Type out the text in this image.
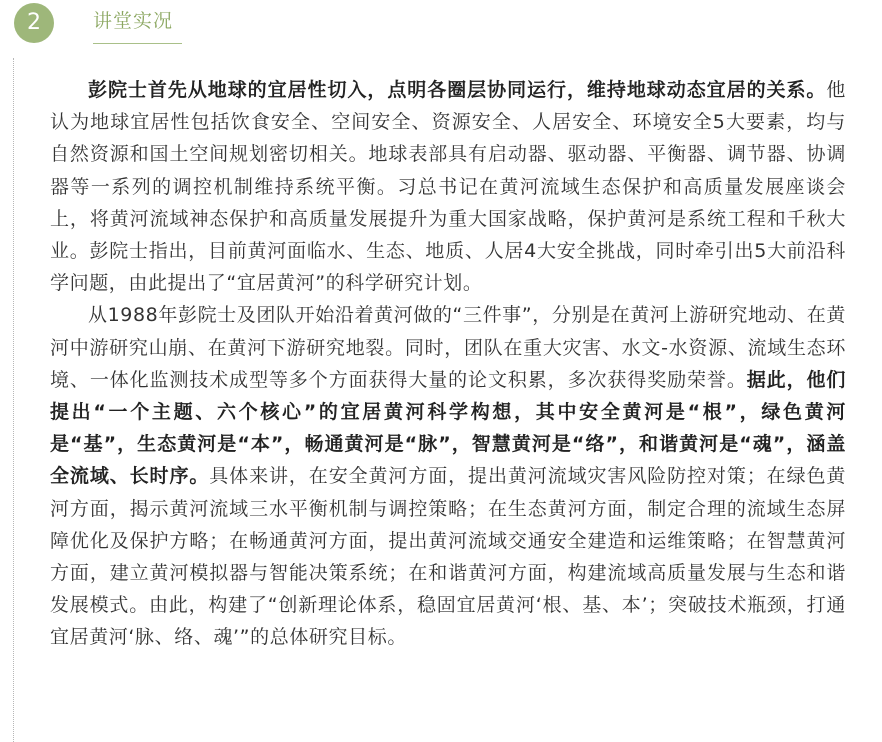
2	讲堂实况

彭院士首先从地球的宜居性切入，点明各圈层协同运行，维持地球动态宜居的关系。他认为地球宜居性包括饮食安全、空间安全、资源安全、人居安全、环境安全5大要素，均与自然资源和国土空间规划密切相关。地球表部具有启动器、驱动器、平衡器、调节器、协调器等一系列的调控机制维持系统平衡。习总书记在黄河流域生态保护和高质量发展座谈会上，将黄河流域神态保护和高质量发展提升为重大国家战略，保护黄河是系统工程和千秋大业。彭院士指出，目前黄河面临水、生态、地质、人居4大安全挑战，同时牵引出5大前沿科学问题，由此提出了“宜居黄河”的科学研究计划。

从1988年彭院士及团队开始沿着黄河做的“三件事”，分别是在黄河上游研究地动、在黄河中游研究山崩、在黄河下游研究地裂。同时，团队在重大灾害、水文-水资源、流域生态环境、一体化监测技术成型等多个方面获得大量的论文积累，多次获得奖励荣誉。据此，他们提出“一个主题、六个核心”的宜居黄河科学构想，其中安全黄河是“根”，绿色黄河是“基”，生态黄河是“本”，畅通黄河是“脉”，智慧黄河是“络”，和谐黄河是“魂”，涵盖全流域、长时序。具体来讲，在安全黄河方面，提出黄河流域灾害风险防控对策；在绿色黄河方面，揭示黄河流域三水平衡机制与调控策略；在生态黄河方面，制定合理的流域生态屏障优化及保护方略；在畅通黄河方面，提出黄河流域交通安全建造和运维策略；在智慧黄河方面，建立黄河模拟器与智能决策系统；在和谐黄河方面，构建流域高质量发展与生态和谐发展模式。由此，构建了“创新理论体系，稳固宜居黄河‘根、基、本’；突破技术瓶颈，打通宜居黄河‘脉、络、魂’”的总体研究目标。
